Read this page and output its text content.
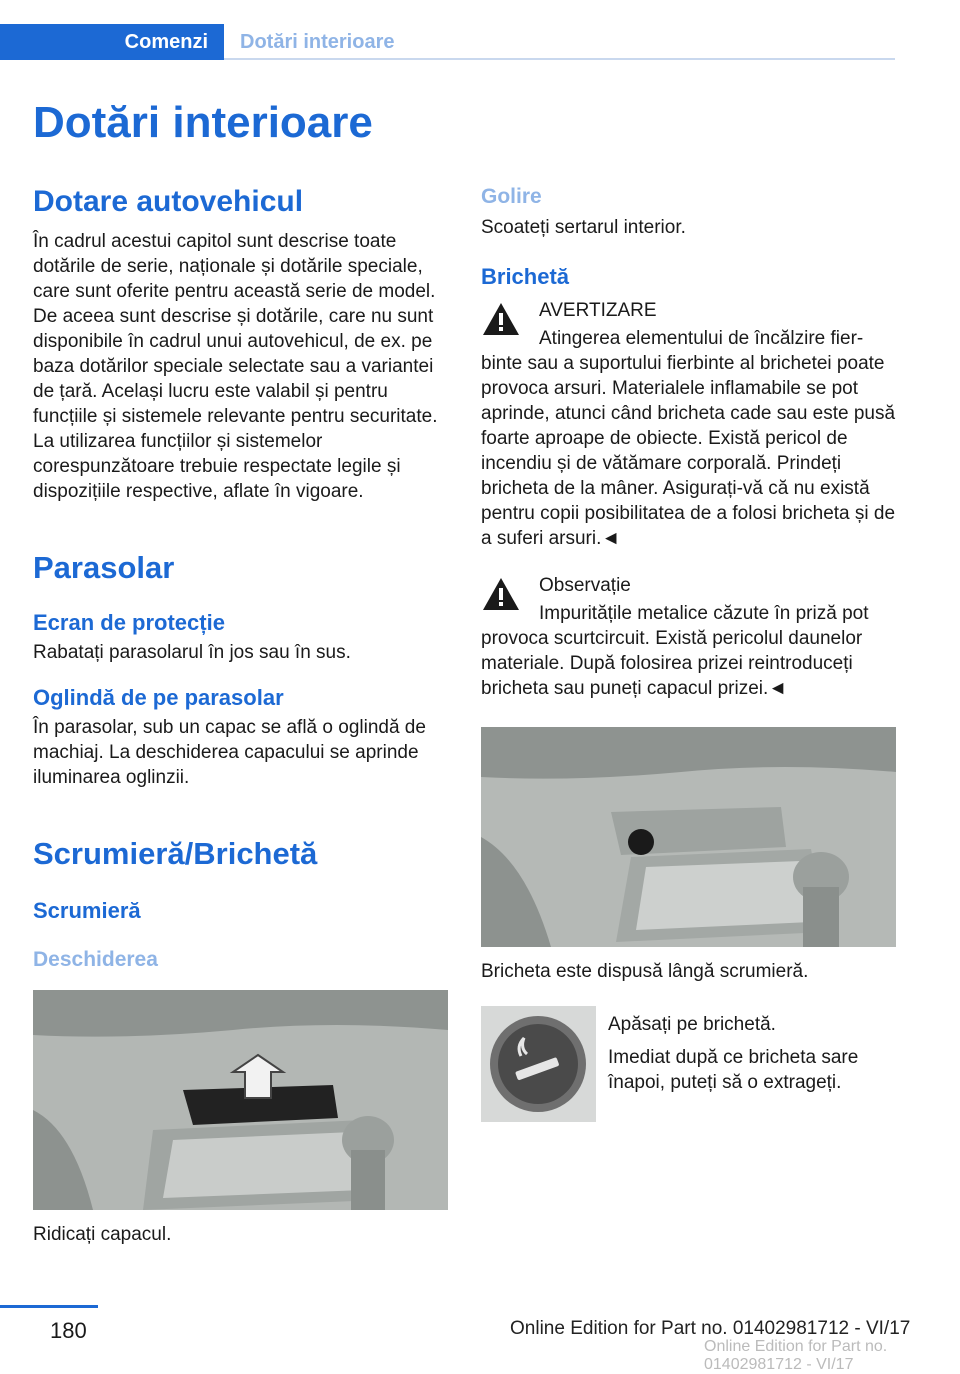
Comenzi	Dotări interioare
Dotări interioare
Dotare autovehicul

În cadrul acestui capitol sunt descrise toate dotările de serie, naționale și dotările speciale, care sunt oferite pentru această serie de model. De aceea sunt descrise și dotările, care nu sunt disponibile în cadrul unui autovehicul, de ex. pe baza dotărilor speciale selectate sau a variantei de țară. Același lucru este valabil și pentru funcțiile și sistemele relevante pentru securitate. La utilizarea funcțiilor și sistemelor corespunzătoare trebuie respectate legile și dispozițiile respective, aflate în vigoare.

Parasolar
Ecran de protecție

Rabatați parasolarul în jos sau în sus.

Oglindă de pe parasolar

În parasolar, sub un capac se află o oglindă de machiaj. La deschiderea capacului se aprinde iluminarea oglinzii.

Scrumieră/Brichetă
Scrumieră
Deschiderea

Ridicați capacul.

Golire

Scoateți sertarul interior.

Brichetă

AVERTIZARE

Atingerea elementului de încălzire fierbinte sau a suportului fierbinte al brichetei poate provoca arsuri. Materialele inflamabile se pot aprinde, atunci când bricheta cade sau este pusă foarte aproape de obiecte. Există pericol de incendiu și de vătămare corporală. Prindeți bricheta de la mâner. Asigurați-vă că nu există pentru copii posibilitatea de a folosi bricheta și de a suferi arsuri.◄

Observație

Impuritățile metalice căzute în priză pot provoca scurtcircuit. Există pericolul daunelor materiale. După folosirea prizei reintroduceți bricheta sau puneți capacul prizei.◄

Bricheta este dispusă lângă scrumieră.

Apăsați pe brichetă.

Imediat după ce bricheta sare înapoi, puteți să o extrageți.

180	Online Edition for Part no. 01402981712 - VI/17
Online Edition for Part no. 01402981712 - VI/17
